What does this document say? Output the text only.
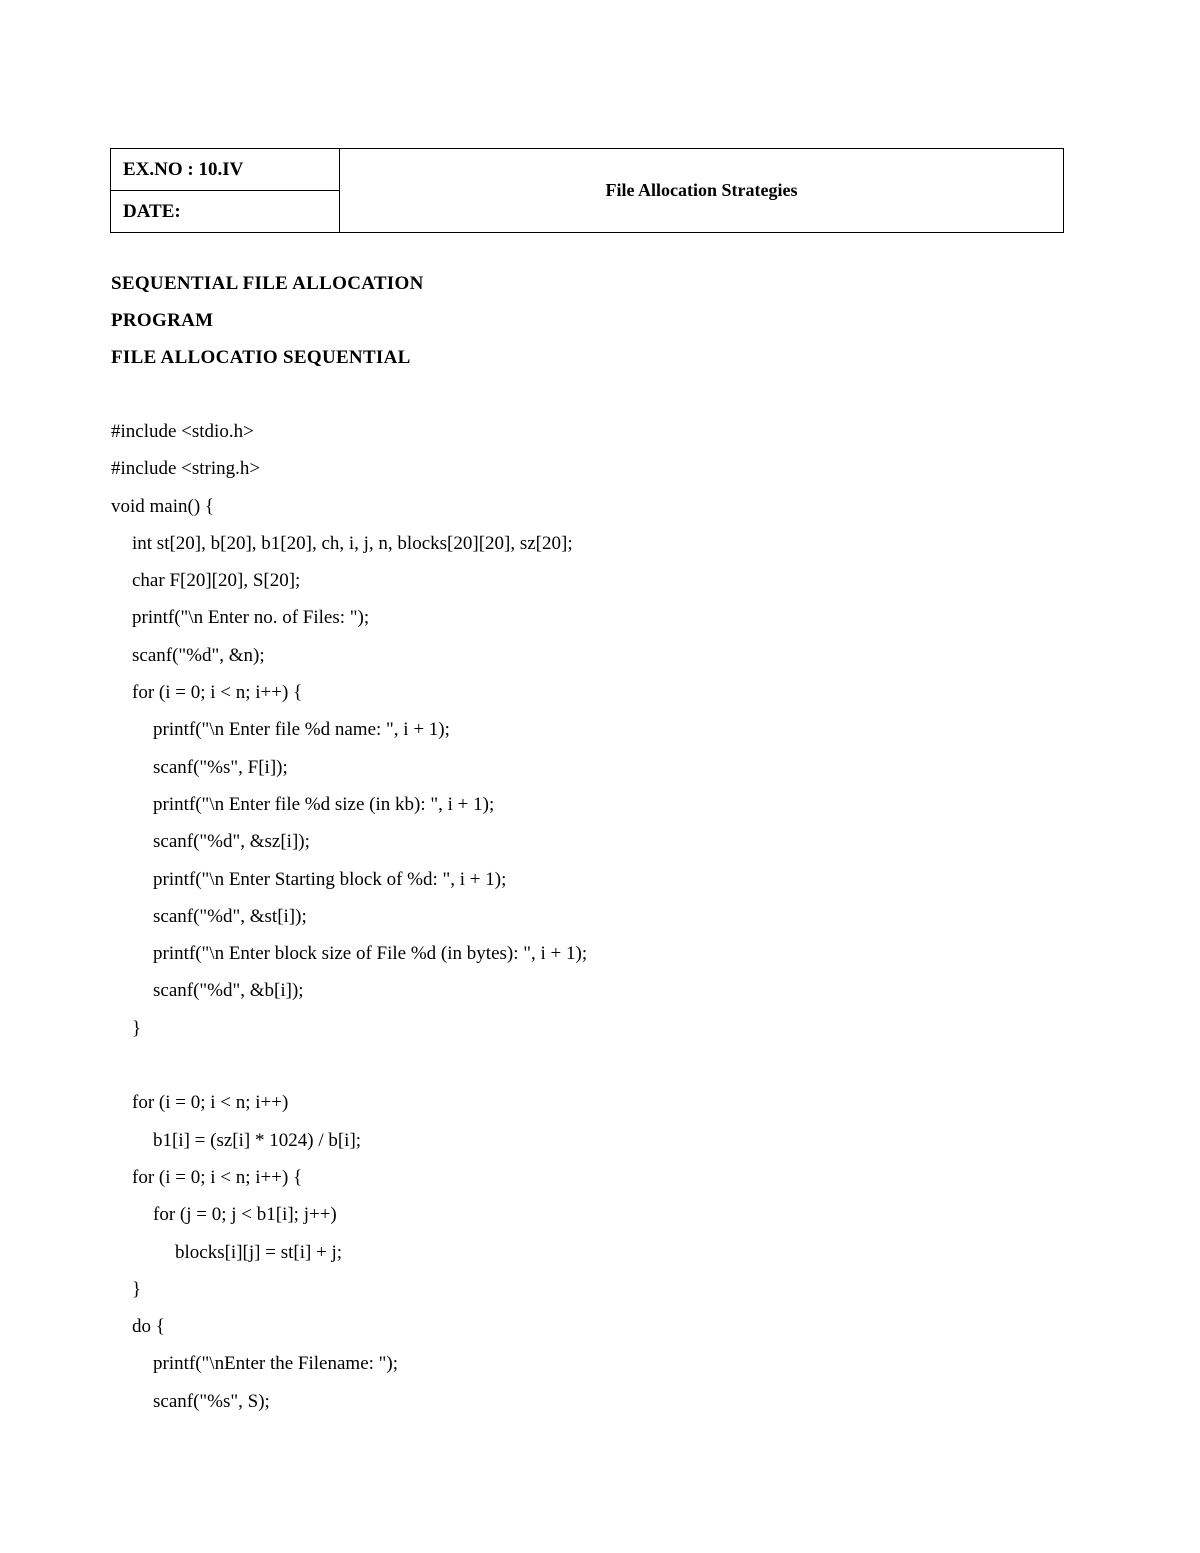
EX.NO : 10.IV	File Allocation Strategies
DATE:
SEQUENTIAL FILE ALLOCATION
PROGRAM
FILE ALLOCATIO SEQUENTIAL
#include <stdio.h>
#include <string.h>
void main() {
int st[20], b[20], b1[20], ch, i, j, n, blocks[20][20], sz[20];
char F[20][20], S[20];
printf("\n Enter no. of Files: ");
scanf("%d", &n);
for (i = 0; i < n; i++) {
printf("\n Enter file %d name: ", i + 1);
scanf("%s", F[i]);
printf("\n Enter file %d size (in kb): ", i + 1);
scanf("%d", &sz[i]);
printf("\n Enter Starting block of %d: ", i + 1);
scanf("%d", &st[i]);
printf("\n Enter block size of File %d (in bytes): ", i + 1);
scanf("%d", &b[i]);
}
for (i = 0; i < n; i++)
b1[i] = (sz[i] * 1024) / b[i];
for (i = 0; i < n; i++) {
for (j = 0; j < b1[i]; j++)
blocks[i][j] = st[i] + j;
}
do {
printf("\nEnter the Filename: ");
scanf("%s", S);
